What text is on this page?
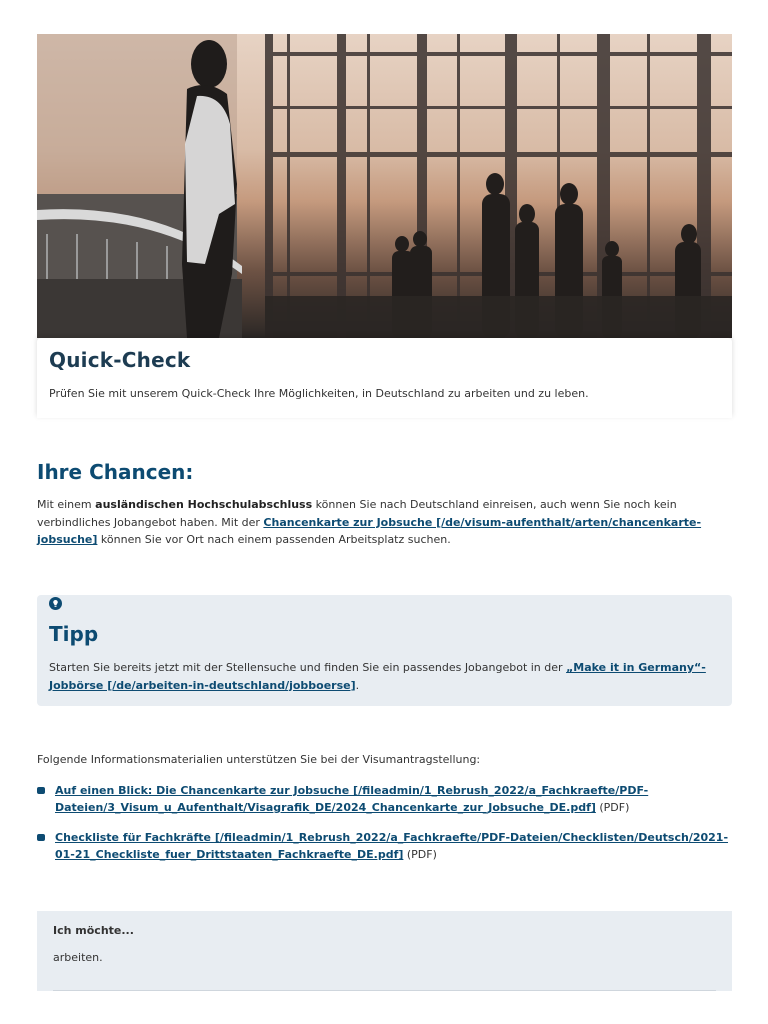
Quick-Check
Prüfen Sie mit unserem Quick-Check Ihre Möglichkeiten, in Deutschland zu arbeiten und zu leben.
Ihre Chancen:

Mit einem ausländischen Hochschulabschluss können Sie nach Deutschland einreisen, auch wenn Sie noch kein verbindliches Jobangebot haben. Mit der Chancenkarte zur Jobsuche [/de/visum-aufenthalt/arten/chancenkarte-jobsuche] können Sie vor Ort nach einem passenden Arbeitsplatz suchen.

Tipp

Starten Sie bereits jetzt mit der Stellensuche und finden Sie ein passendes Jobangebot in der „Make it in Germany“-Jobbörse [/de/arbeiten-in-deutschland/jobboerse].

Folgende Informationsmaterialien unterstützen Sie bei der Visumantragstellung:
Auf einen Blick: Die Chancenkarte zur Jobsuche [/fileadmin/1_Rebrush_2022/a_Fachkraefte/PDF-Dateien/3_Visum_u_Aufenthalt/Visagrafik_DE/2024_Chancenkarte_zur_Jobsuche_DE.pdf] (PDF)
Checkliste für Fachkräfte [/fileadmin/1_Rebrush_2022/a_Fachkraefte/PDF-Dateien/Checklisten/Deutsch/2021-01-21_Checkliste_fuer_Drittstaaten_Fachkraefte_DE.pdf] (PDF)
Ich möchte...
arbeiten.
